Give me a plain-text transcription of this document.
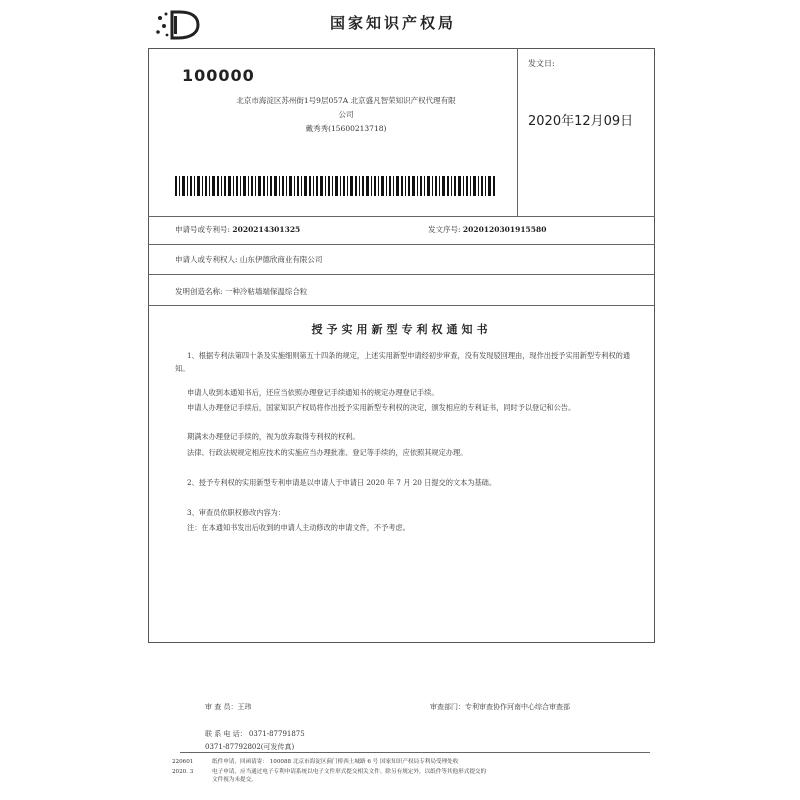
国家知识产权局
100000
北京市海淀区苏州街1号9层057A 北京盛凡智荣知识产权代理有限
公司
戴秀秀(15600213718)
发文日:
2020年12月09日
申请号或专利号: 2020214301325	发文序号: 2020120301915580
申请人或专利权人: 山东伊德欣商业有限公司
发明创造名称: 一种冷粘墙端保温综合粒
授予实用新型专利权通知书
1、根据专利法第四十条及实施细则第五十四条的规定，上述实用新型申请经初步审查，没有发现驳回理由，现作出授予实用新型专利权的通知。
申请人收到本通知书后，还应当依照办理登记手续通知书的规定办理登记手续。
申请人办理登记手续后，国家知识产权局将作出授予实用新型专利权的决定，颁发相应的专利证书，同时予以登记和公告。
期满未办理登记手续的，视为放弃取得专利权的权利。
法律、行政法规规定相应技术的实施应当办理批准、登记等手续的，应依照其规定办理。
2、授予专利权的实用新型专利申请是以申请人于申请日 2020 年 7 月 20 日提交的文本为基础。
3、审查员依职权修改内容为：
注：在本通知书发出后收到的申请人主动修改的申请文件，不予考虑。
审 查 员：王玮	审查部门：专利审查协作河南中心综合审查部
联 系 电 话： 0371-87791875
0371-87792802(可发传真)
220601
2020. 3
纸件申请，回函请寄： 100088 北京市海淀区蓟门桥西土城路 6 号 国家知识产权局专利局受理处收
电子申请，应当通过电子专利申请系统以电子文件形式提交相关文件。除另有规定外，以纸件等其他形式提交的
文件视为未提交。
